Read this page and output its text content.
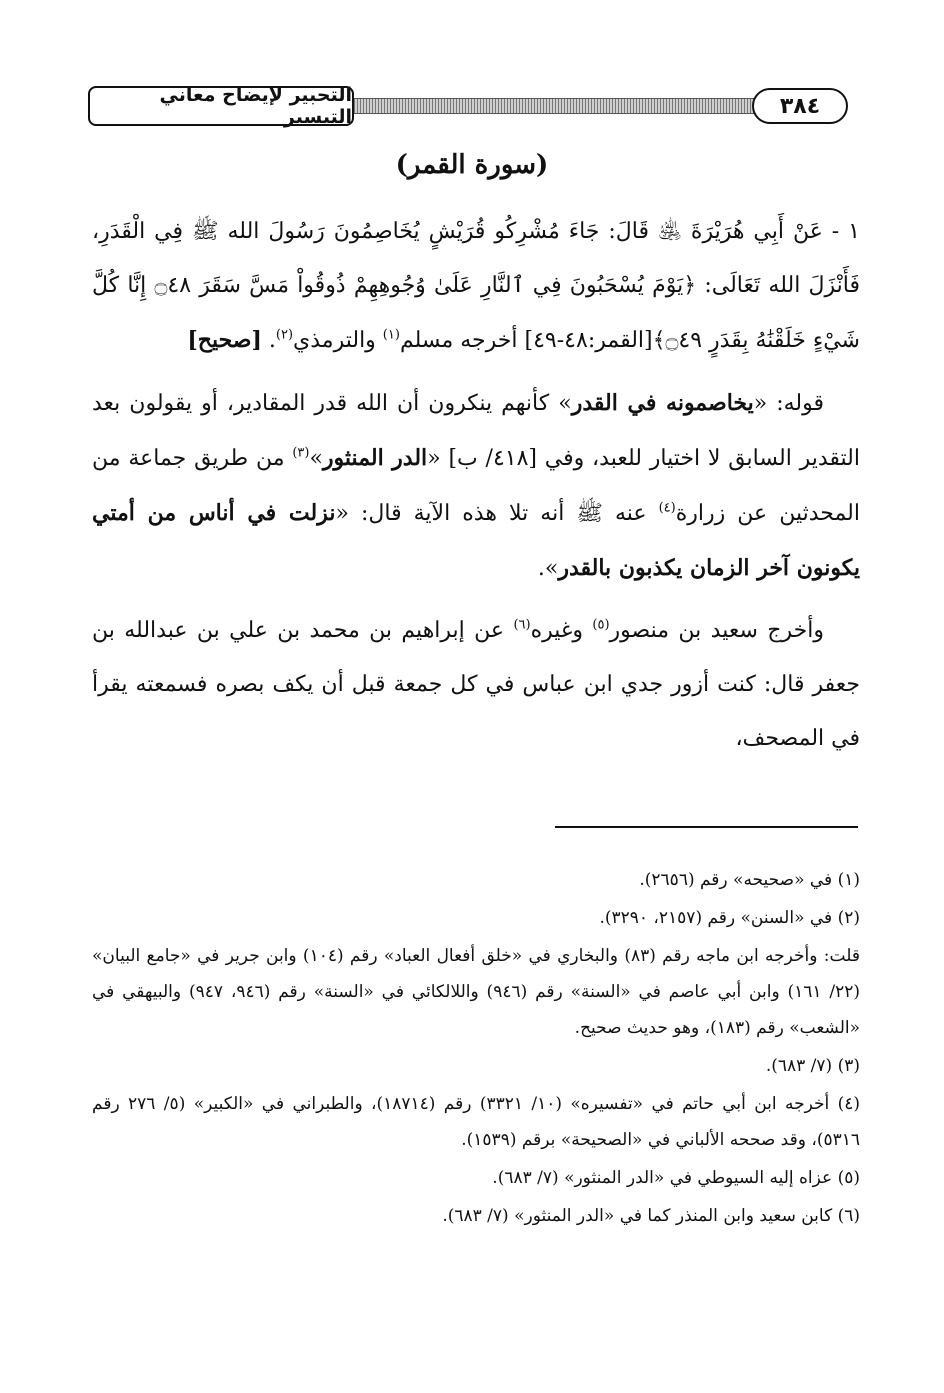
التحبير لإيضاح معاني التيسير	٣٨٤
(سورة القمر)

١ - عَنْ أَبِي هُرَيْرَةَ ﵁ قَالَ: جَاءَ مُشْرِكُو قُرَيْشٍ يُخَاصِمُونَ رَسُولَ الله ﷺ فِي الْقَدَرِ، فَأَنْزَلَ الله تَعَالَى: ﴿يَوْمَ يُسْحَبُونَ فِي ٱلنَّارِ عَلَىٰ وُجُوهِهِمْ ذُوقُواْ مَسَّ سَقَرَ ۝٤٨ إِنَّا كُلَّ شَيْءٍ خَلَقْنَٰهُ بِقَدَرٍ ۝٤٩﴾[القمر:٤٨-٤٩] أخرجه مسلم$^{(١)}$ والترمذي$^{(٢)}$. [صحيح]

قوله: «يخاصمونه في القدر» كأنهم ينكرون أن الله قدر المقادير، أو يقولون بعد التقدير السابق لا اختيار للعبد، وفي [٤١٨/ ب] «الدر المنثور»$^{(٣)}$ من طريق جماعة من المحدثين عن زرارة$^{(٤)}$ عنه ﷺ أنه تلا هذه الآية قال: «نزلت في أناس من أمتي يكونون آخر الزمان يكذبون بالقدر».

وأخرج سعيد بن منصور$^{(٥)}$ وغيره$^{(٦)}$ عن إبراهيم بن محمد بن علي بن عبدالله بن جعفر قال: كنت أزور جدي ابن عباس في كل جمعة قبل أن يكف بصره فسمعته يقرأ في المصحف،

(١) في «صحيحه» رقم (٢٦٥٦).

(٢) في «السنن» رقم (٢١٥٧، ٣٢٩٠).

قلت: وأخرجه ابن ماجه رقم (٨٣) والبخاري في «خلق أفعال العباد» رقم (١٠٤) وابن جرير في «جامع البيان» (٢٢/ ١٦١) وابن أبي عاصم في «السنة» رقم (٩٤٦) واللالكائي في «السنة» رقم (٩٤٦، ٩٤٧) والبيهقي في «الشعب» رقم (١٨٣)، وهو حديث صحيح.

(٣) (٧/ ٦٨٣).

(٤) أخرجه ابن أبي حاتم في «تفسيره» (١٠/ ٣٣٢١) رقم (١٨٧١٤)، والطبراني في «الكبير» (٥/ ٢٧٦ رقم ٥٣١٦)، وقد صححه الألباني في «الصحيحة» برقم (١٥٣٩).

(٥) عزاه إليه السيوطي في «الدر المنثور» (٧/ ٦٨٣).

(٦) كابن سعيد وابن المنذر كما في «الدر المنثور» (٧/ ٦٨٣).
